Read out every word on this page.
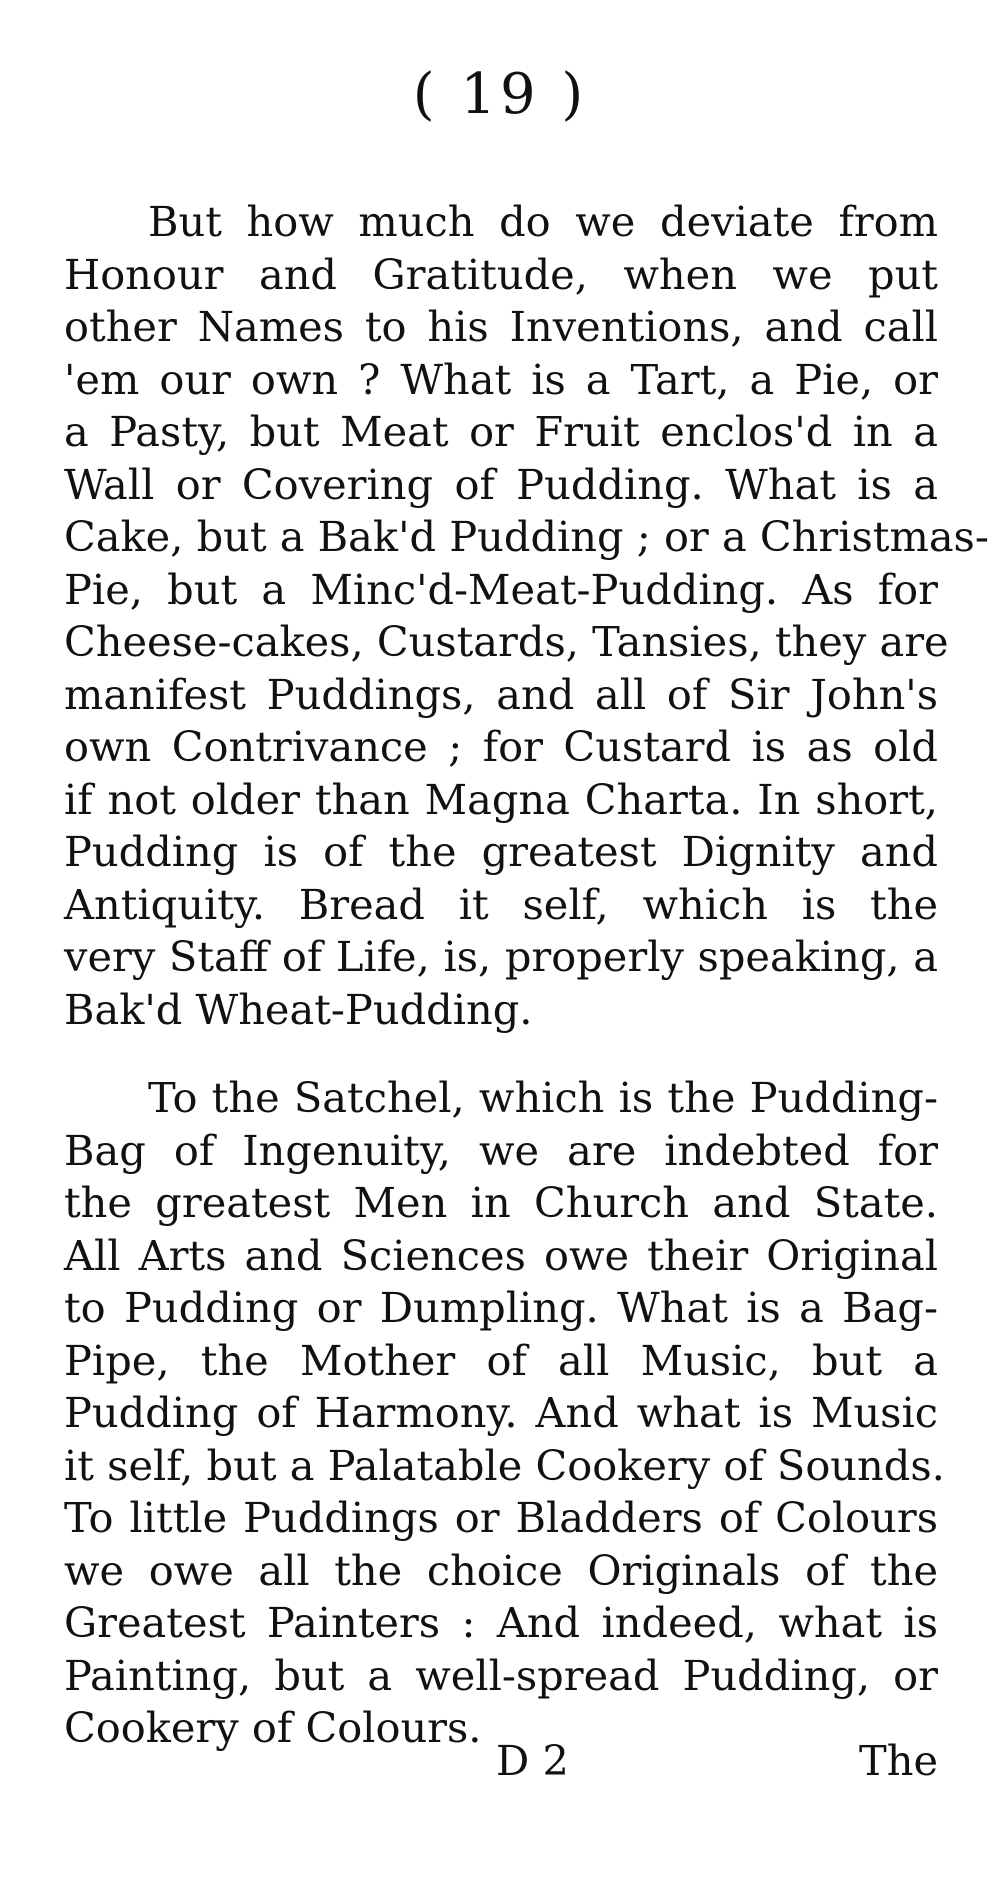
( 19 )
But how much do we deviate from
Honour and Gratitude, when we put
other Names to his Inventions, and call
'em our own ? What is a Tart, a Pie, or
a Pasty, but Meat or Fruit enclos'd in a
Wall or Covering of Pudding. What is a
Cake, but a Bak'd Pudding ; or a Christmas-
Pie, but a Minc'd-Meat-Pudding. As for
Cheese-cakes, Custards, Tansies, they are
manifest Puddings, and all of Sir John's
own Contrivance ; for Custard is as old
if not older than Magna Charta. In short,
Pudding is of the greatest Dignity and
Antiquity. Bread it self, which is the
very Staff of Life, is, properly speaking, a
Bak'd Wheat-Pudding.
To the Satchel, which is the Pudding-
Bag of Ingenuity, we are indebted for
the greatest Men in Church and State.
All Arts and Sciences owe their Original
to Pudding or Dumpling. What is a Bag-
Pipe, the Mother of all Music, but a
Pudding of Harmony. And what is Music
it self, but a Palatable Cookery of Sounds.
To little Puddings or Bladders of Colours
we owe all the choice Originals of the
Greatest Painters : And indeed, what is
Painting, but a well-spread Pudding, or
Cookery of Colours.
D 2	The
